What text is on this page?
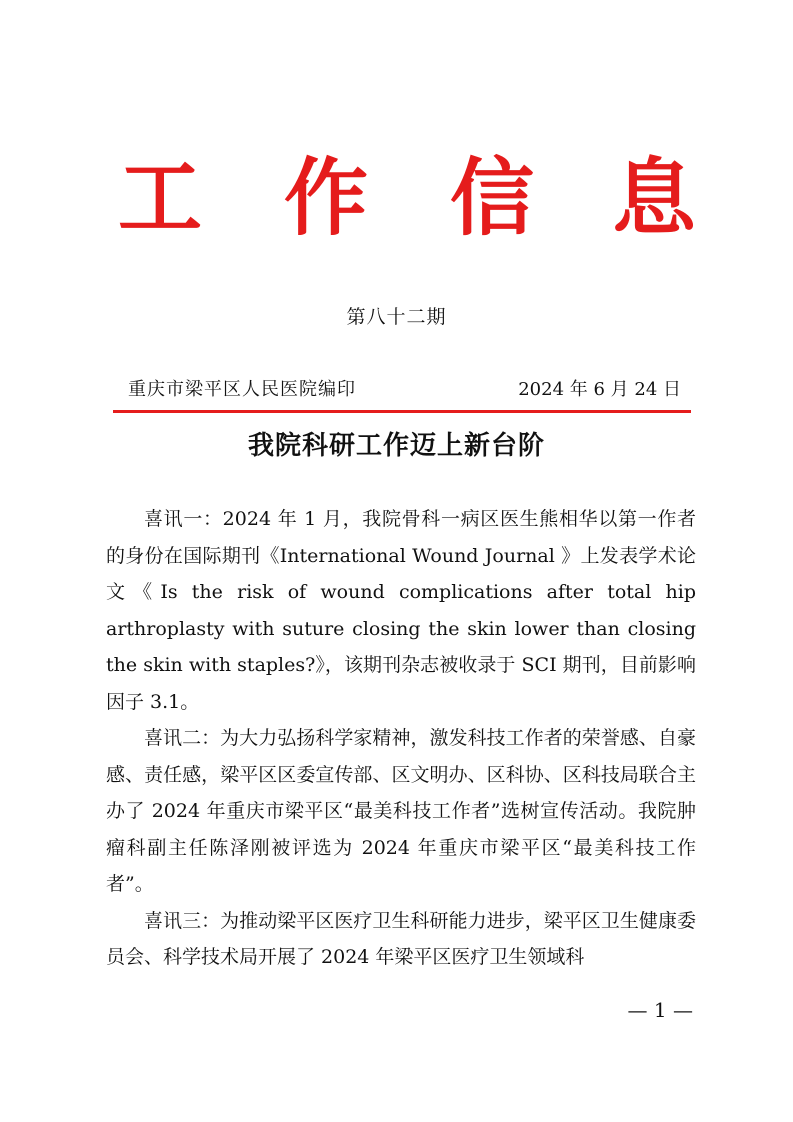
工 作 信 息
第八十二期
重庆市梁平区人民医院编印	2024 年 6 月 24 日
我院科研工作迈上新台阶

喜讯一：2024 年 1 月，我院骨科一病区医生熊相华以第一作者的身份在国际期刊《International Wound Journal 》上发表学术论文《Is the risk of wound complications after total hip arthroplasty with suture closing the skin lower than closing the skin with staples?》，该期刊杂志被收录于 SCI 期刊，目前影响因子 3.1。

喜讯二：为大力弘扬科学家精神，激发科技工作者的荣誉感、自豪感、责任感，梁平区区委宣传部、区文明办、区科协、区科技局联合主办了 2024 年重庆市梁平区“最美科技工作者”选树宣传活动。我院肿瘤科副主任陈泽刚被评选为 2024 年重庆市梁平区“最美科技工作者”。

喜讯三：为推动梁平区医疗卫生科研能力进步，梁平区卫生健康委员会、科学技术局开展了 2024 年梁平区医疗卫生领域科

— 1 —
